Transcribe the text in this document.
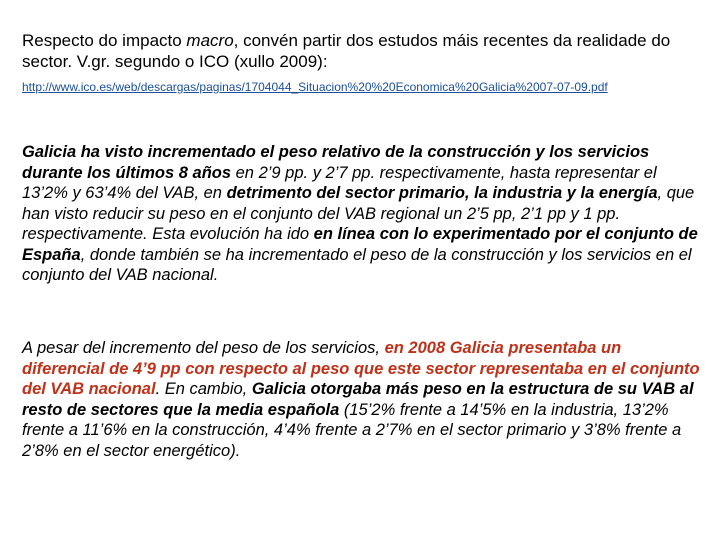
Respecto do impacto macro, convén partir dos estudos máis recentes da realidade do sector. V.gr. segundo o ICO (xullo 2009):

http://www.ico.es/web/descargas/paginas/1704044_Situacion%20%20Economica%20Galicia%2007-07-09.pdf

Galicia ha visto incrementado el peso relativo de la construcción y los servicios durante los últimos 8 años en 2’9 pp. y 2’7 pp. respectivamente, hasta representar el 13’2% y 63’4% del VAB, en detrimento del sector primario, la industria y la energía, que han visto reducir su peso en el conjunto del VAB regional un 2’5 pp, 2’1 pp y 1 pp. respectivamente. Esta evolución ha ido en línea con lo experimentado por el conjunto de España, donde también se ha incrementado el peso de la construcción y los servicios en el conjunto del VAB nacional.

A pesar del incremento del peso de los servicios, en 2008 Galicia presentaba un diferencial de 4’9 pp con respecto al peso que este sector representaba en el conjunto del VAB nacional. En cambio, Galicia otorgaba más peso en la estructura de su VAB al resto de sectores que la media española (15’2% frente a 14’5% en la industria, 13’2% frente a 11’6% en la construcción, 4’4% frente a 2’7% en el sector primario y 3’8% frente a 2’8% en el sector energético).
